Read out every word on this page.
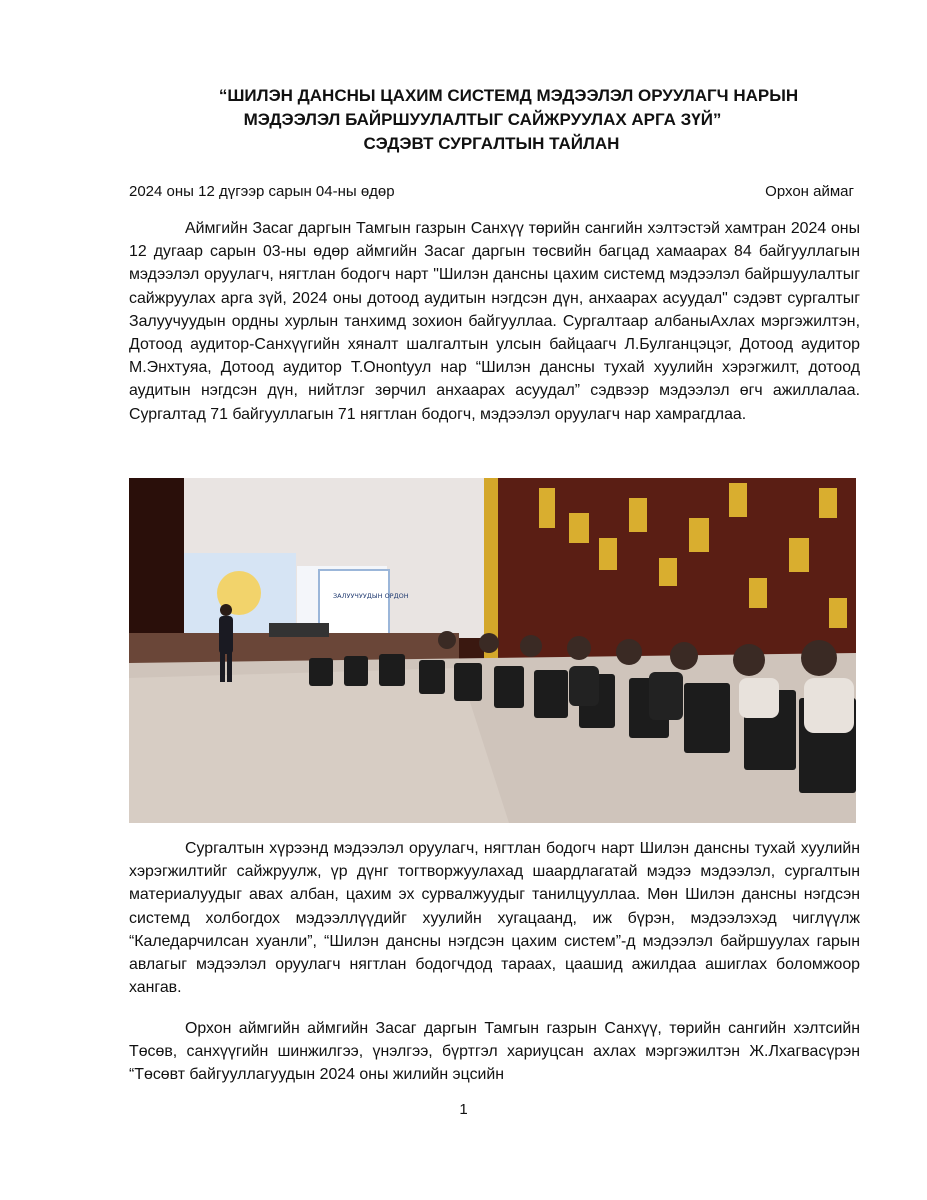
“ШИЛЭН ДАНСНЫ ЦАХИМ СИСТЕМД МЭДЭЭЛЭЛ ОРУУЛАГЧ НАРЫН
МЭДЭЭЛЭЛ БАЙРШУУЛАЛТЫГ САЙЖРУУЛАХ АРГА ЗҮЙ”
СЭДЭВТ СУРГАЛТЫН ТАЙЛАН
2024 оны 12 дүгээр сарын 04-ны өдөр	Орхон аймаг

Аймгийн Засаг даргын Тамгын газрын Санхүү төрийн сангийн хэлтэстэй хамтран 2024 оны 12 дугаар сарын 03-ны өдөр аймгийн Засаг даргын төсвийн багцад хамаарах 84 байгууллагын мэдээлэл оруулагч, нягтлан бодогч нарт "Шилэн дансны цахим системд мэдээлэл байршуулалтыг сайжруулах арга зүй, 2024 оны дотоод аудитын нэгдсэн дүн, анхаарах асуудал" сэдэвт сургалтыг Залуучуудын ордны хурлын танхимд зохион байгууллаа. Сургалтаар албаныАхлах мэргэжилтэн, Дотоод аудитор-Санхүүгийн хяналт шалгалтын улсын байцаагч Л.Булганцэцэг, Дотоод аудитор М.Энхтуяа, Дотоод аудитор Т.Онontуул нар “Шилэн дансны тухай хуулийн хэрэгжилт, дотоод аудитын нэгдсэн дүн, нийтлэг зөрчил анхаарах асуудал” сэдвээр мэдээлэл өгч ажиллалаа. Сургалтад 71 байгууллагын 71 нягтлан бодогч, мэдээлэл оруулагч нар хамрагдлаа.

ЗАЛУУЧУУДЫН ОРДОН

Сургалтын хүрээнд мэдээлэл оруулагч, нягтлан бодогч нарт Шилэн дансны тухай хуулийн хэрэгжилтийг сайжруулж, үр дүнг тогтворжуулахад шаардлагатай мэдээ мэдээлэл, сургалтын материалуудыг авах албан, цахим эх сурвалжуудыг танилцууллаа. Мөн Шилэн дансны нэгдсэн системд холбогдох мэдээллүүдийг хуулийн хугацаанд, иж бүрэн, мэдээлэхэд чиглүүлж “Каледарчилсан хуанли”, “Шилэн дансны нэгдсэн цахим систем”-д мэдээлэл байршуулах гарын авлагыг мэдээлэл оруулагч нягтлан бодогчдод тараах, цаашид ажилдаа ашиглах боломжоор хангав.

Орхон аймгийн аймгийн Засаг даргын Тамгын газрын Санхүү, төрийн сангийн хэлтсийн Төсөв, санхүүгийн шинжилгээ, үнэлгээ, бүртгэл хариуцсан ахлах мэргэжилтэн Ж.Лхагвасүрэн “Төсөвт байгууллагуудын 2024 оны жилийн эцсийн

1
